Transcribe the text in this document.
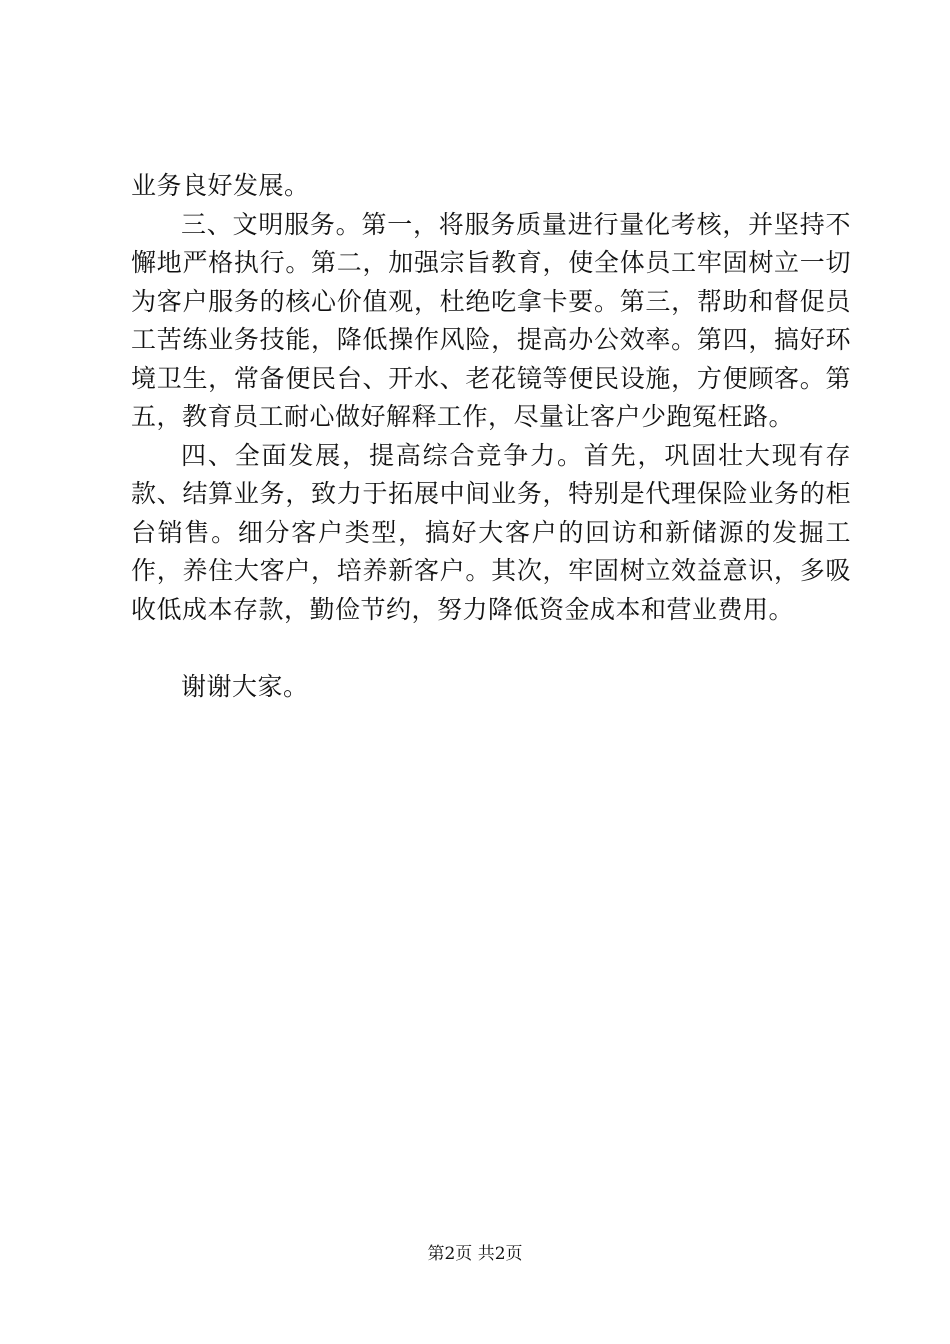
业务良好发展。

三、文明服务。第一，将服务质量进行量化考核，并坚持不懈地严格执行。第二，加强宗旨教育，使全体员工牢固树立一切为客户服务的核心价值观，杜绝吃拿卡要。第三，帮助和督促员工苦练业务技能，降低操作风险，提高办公效率。第四，搞好环境卫生，常备便民台、开水、老花镜等便民设施，方便顾客。第五，教育员工耐心做好解释工作，尽量让客户少跑冤枉路。

四、全面发展，提高综合竞争力。首先，巩固壮大现有存款、结算业务，致力于拓展中间业务，特别是代理保险业务的柜台销售。细分客户类型，搞好大客户的回访和新储源的发掘工作，养住大客户，培养新客户。其次，牢固树立效益意识，多吸收低成本存款，勤俭节约，努力降低资金成本和营业费用。

谢谢大家。

第2页 共2页
